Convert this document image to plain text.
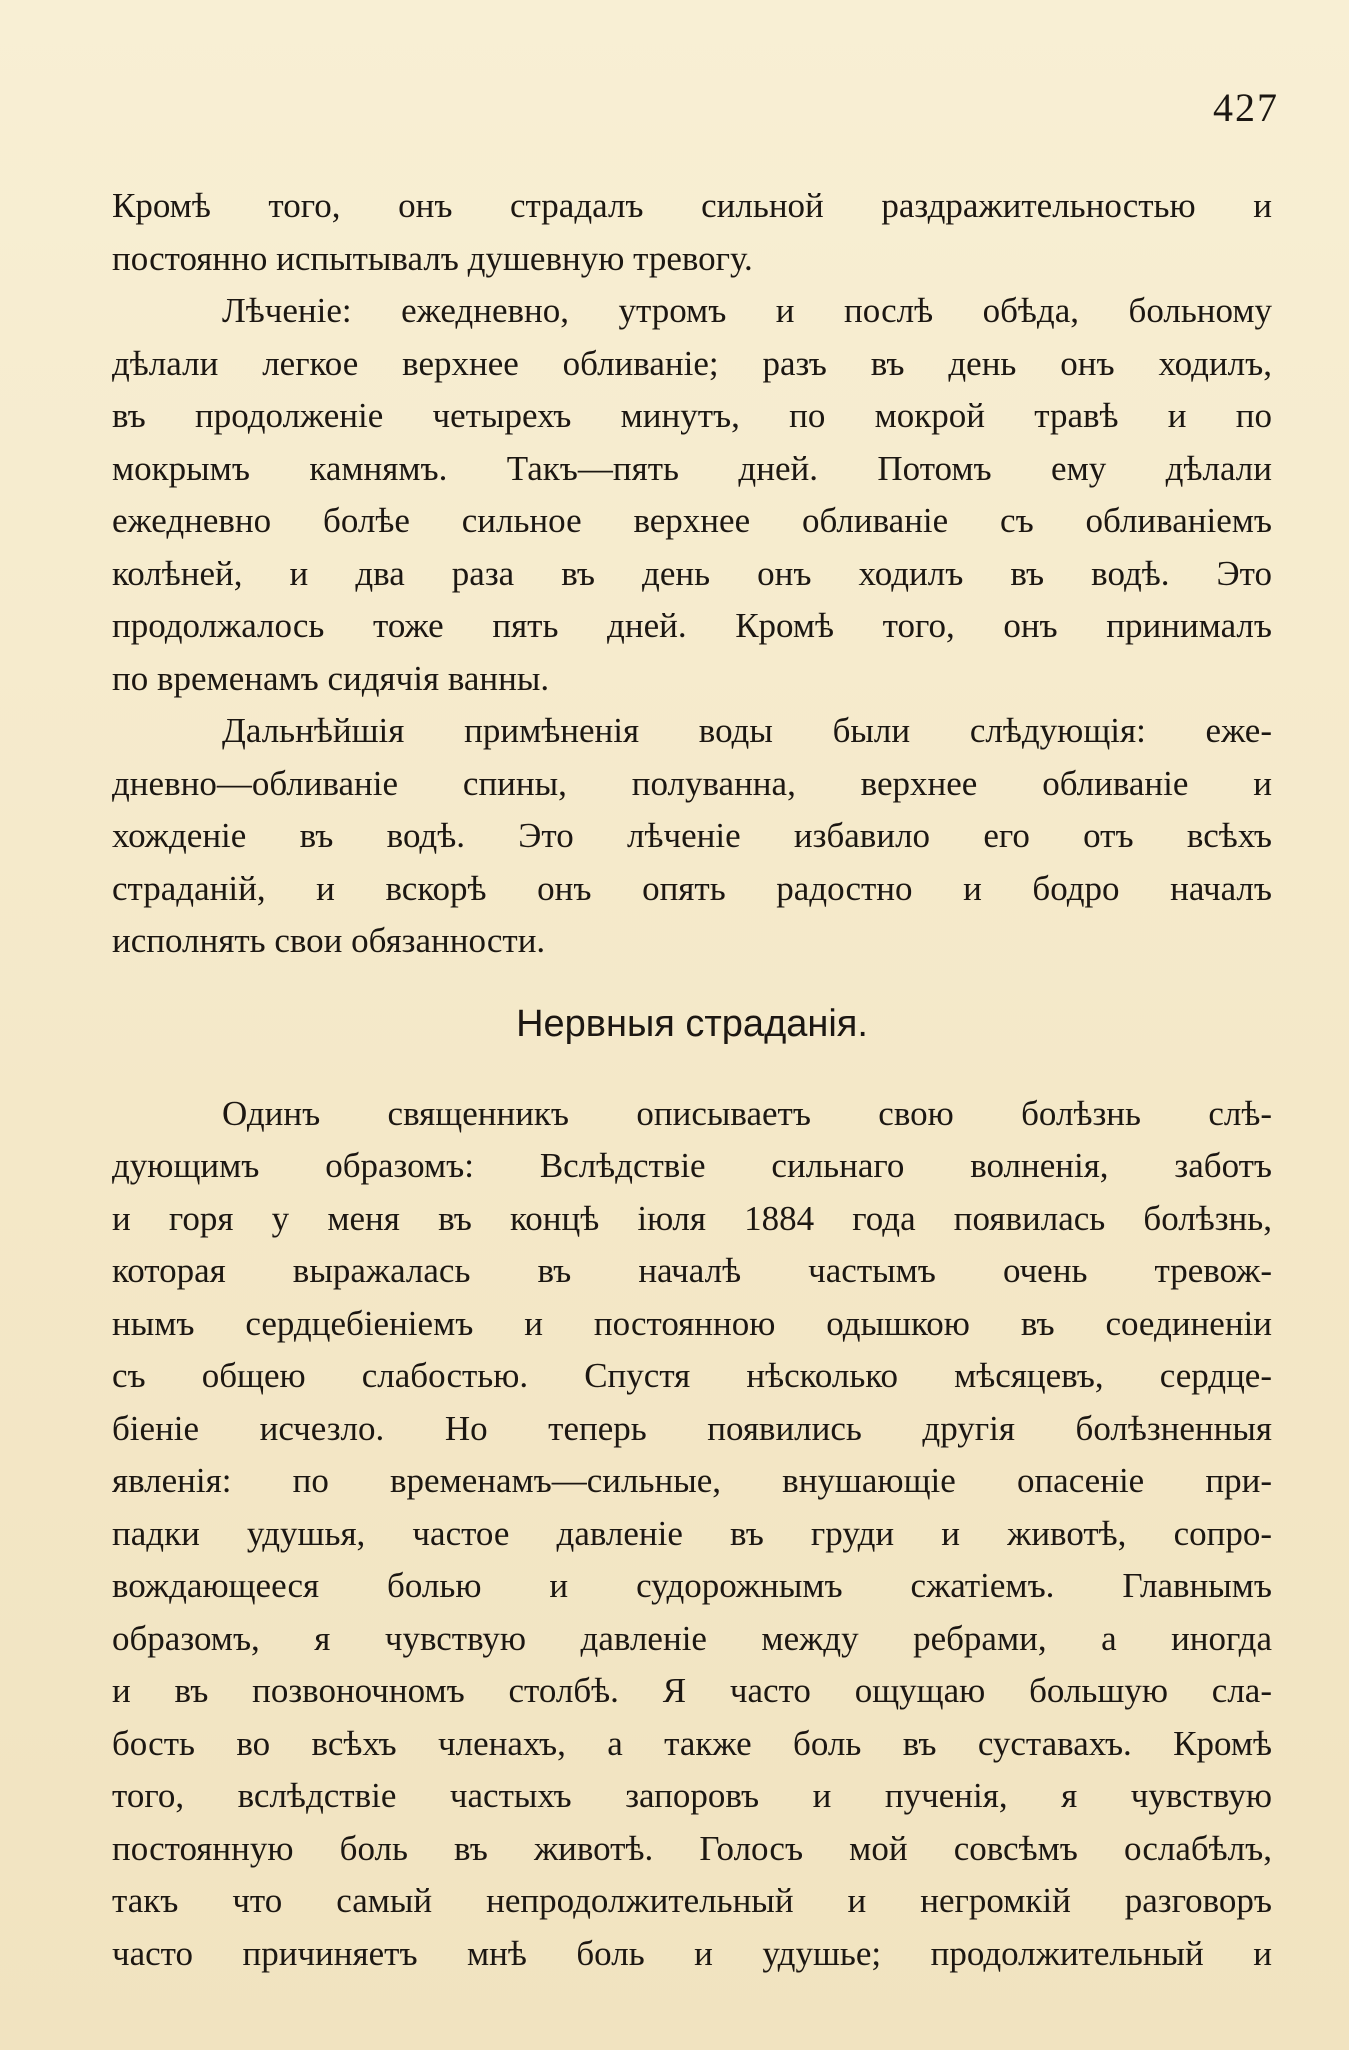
427
Кромѣ того, онъ страдалъ сильной раздражительностью и
постоянно испытывалъ душевную тревогу.
Лѣченіе: ежедневно, утромъ и послѣ обѣда, больному
дѣлали легкое верхнее обливаніе; разъ въ день онъ ходилъ,
въ продолженіе четырехъ минутъ, по мокрой травѣ и по
мокрымъ камнямъ. Такъ—пять дней. Потомъ ему дѣлали
ежедневно болѣе сильное верхнее обливаніе съ обливаніемъ
колѣней, и два раза въ день онъ ходилъ въ водѣ. Это
продолжалось тоже пять дней. Кромѣ того, онъ принималъ
по временамъ сидячія ванны.
Дальнѣйшія примѣненія воды были слѣдующія: еже-
дневно—обливаніе спины, полуванна, верхнее обливаніе и
хожденіе въ водѣ. Это лѣченіе избавило его отъ всѣхъ
страданій, и вскорѣ онъ опять радостно и бодро началъ
исполнять свои обязанности.
Нервныя страданія.
Одинъ священникъ описываетъ свою болѣзнь слѣ-
дующимъ образомъ: Вслѣдствіе сильнаго волненія, заботъ
и горя у меня въ концѣ іюля 1884 года появилась болѣзнь,
которая выражалась въ началѣ частымъ очень тревож-
нымъ сердцебіеніемъ и постоянною одышкою въ соединеніи
съ общею слабостью. Спустя нѣсколько мѣсяцевъ, сердце-
біеніе исчезло. Но теперь появились другія болѣзненныя
явленія: по временамъ—сильные, внушающіе опасеніе при-
падки удушья, частое давленіе въ груди и животѣ, сопро-
вождающееся болью и судорожнымъ сжатіемъ. Главнымъ
образомъ, я чувствую давленіе между ребрами, а иногда
и въ позвоночномъ столбѣ. Я часто ощущаю большую сла-
бость во всѣхъ членахъ, а также боль въ суставахъ. Кромѣ
того, вслѣдствіе частыхъ запоровъ и пученія, я чувствую
постоянную боль въ животѣ. Голосъ мой совсѣмъ ослабѣлъ,
такъ что самый непродолжительный и негромкій разговоръ
часто причиняетъ мнѣ боль и удушье; продолжительный и
